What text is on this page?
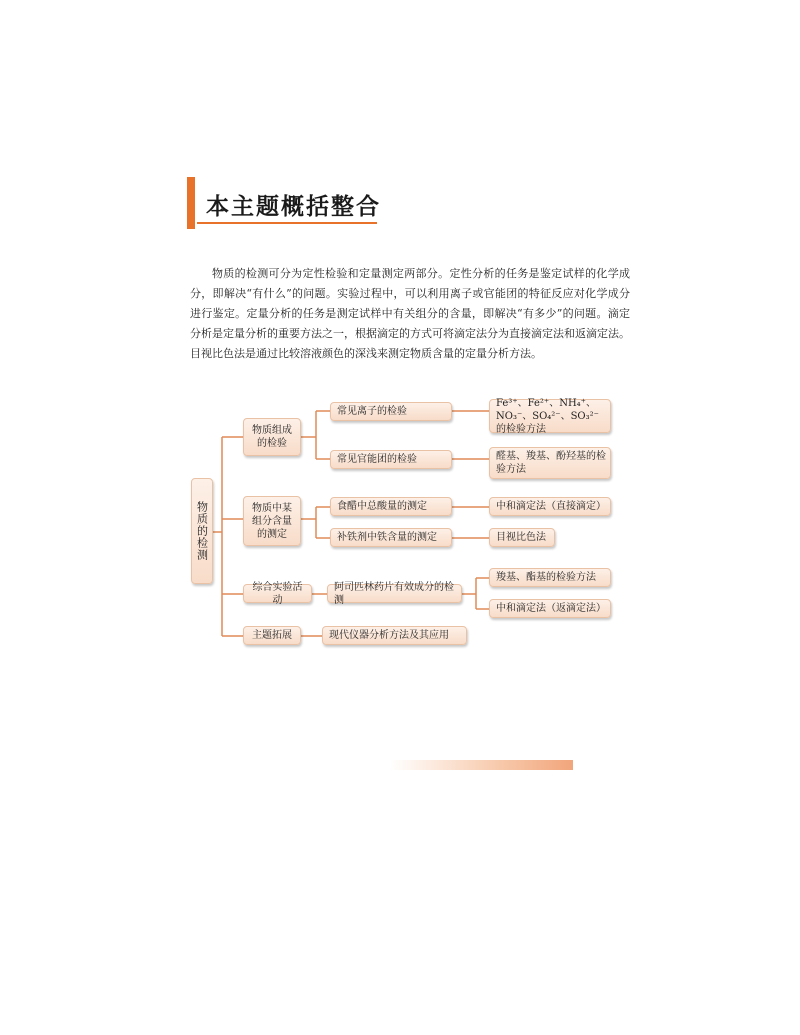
本主题概括整合

物质的检测可分为定性检验和定量测定两部分。定性分析的任务是鉴定试样的化学成分，即解决“有什么”的问题。实验过程中，可以利用离子或官能团的特征反应对化学成分进行鉴定。定量分析的任务是测定试样中有关组分的含量，即解决“有多少”的问题。滴定分析是定量分析的重要方法之一，根据滴定的方式可将滴定法分为直接滴定法和返滴定法。目视比色法是通过比较溶液颜色的深浅来测定物质含量的定量分析方法。

物质的检测
物质组成的检验
常见离子的检验
Fe³⁺、Fe²⁺、NH₄⁺、NO₃⁻、SO₄²⁻、SO₃²⁻的检验方法
常见官能团的检验	醛基、羧基、酚羟基的检验方法
物质中某组分含量的测定
食醋中总酸量的测定	中和滴定法（直接滴定）
补铁剂中铁含量的测定	目视比色法
综合实验活动
阿司匹林药片有效成分的检测
羧基、酯基的检验方法
中和滴定法（返滴定法）
主题拓展	现代仪器分析方法及其应用
